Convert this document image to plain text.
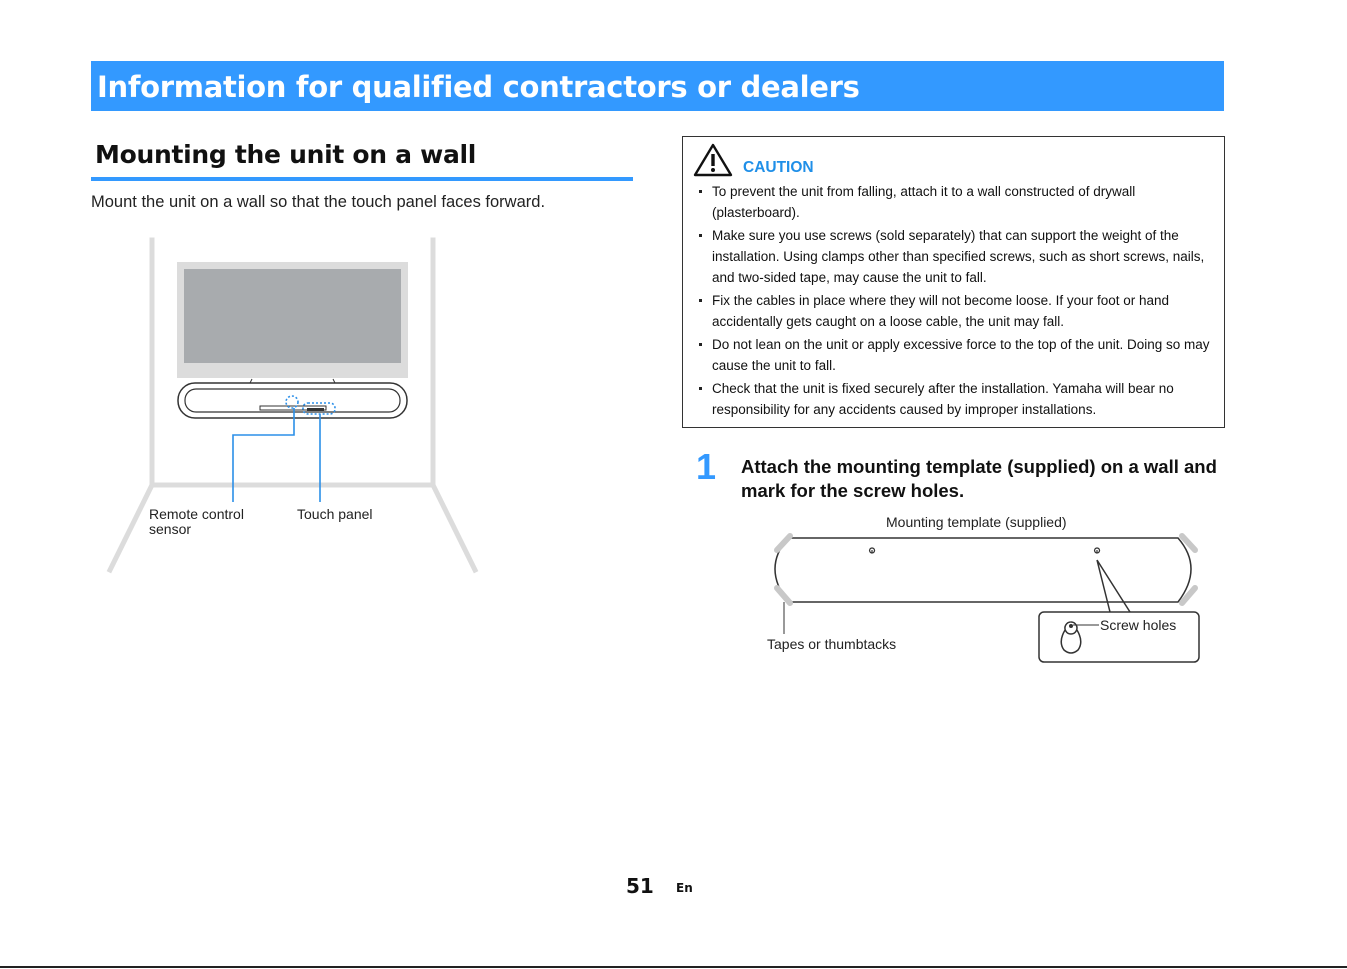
Information for qualified contractors or dealers
Mounting the unit on a wall

Mount the unit on a wall so that the touch panel faces forward.

Remote control

sensor

Touch panel

CAUTION

To prevent the unit from falling, attach it to a wall constructed of drywall (plasterboard).
Make sure you use screws (sold separately) that can support the weight of the installation. Using clamps other than specified screws, such as short screws, nails, and two-sided tape, may cause the unit to fall.
Fix the cables in place where they will not become loose. If your foot or hand accidentally gets caught on a loose cable, the unit may fall.
Do not lean on the unit or apply excessive force to the top of the unit. Doing so may cause the unit to fall.
Check that the unit is fixed securely after the installation. Yamaha will bear no responsibility for any accidents caused by improper installations.

1 Attach the mounting template (supplied) on a wall and mark for the screw holes.

Mounting template (supplied)

Tapes or thumbtacks

Screw holes

51 En
